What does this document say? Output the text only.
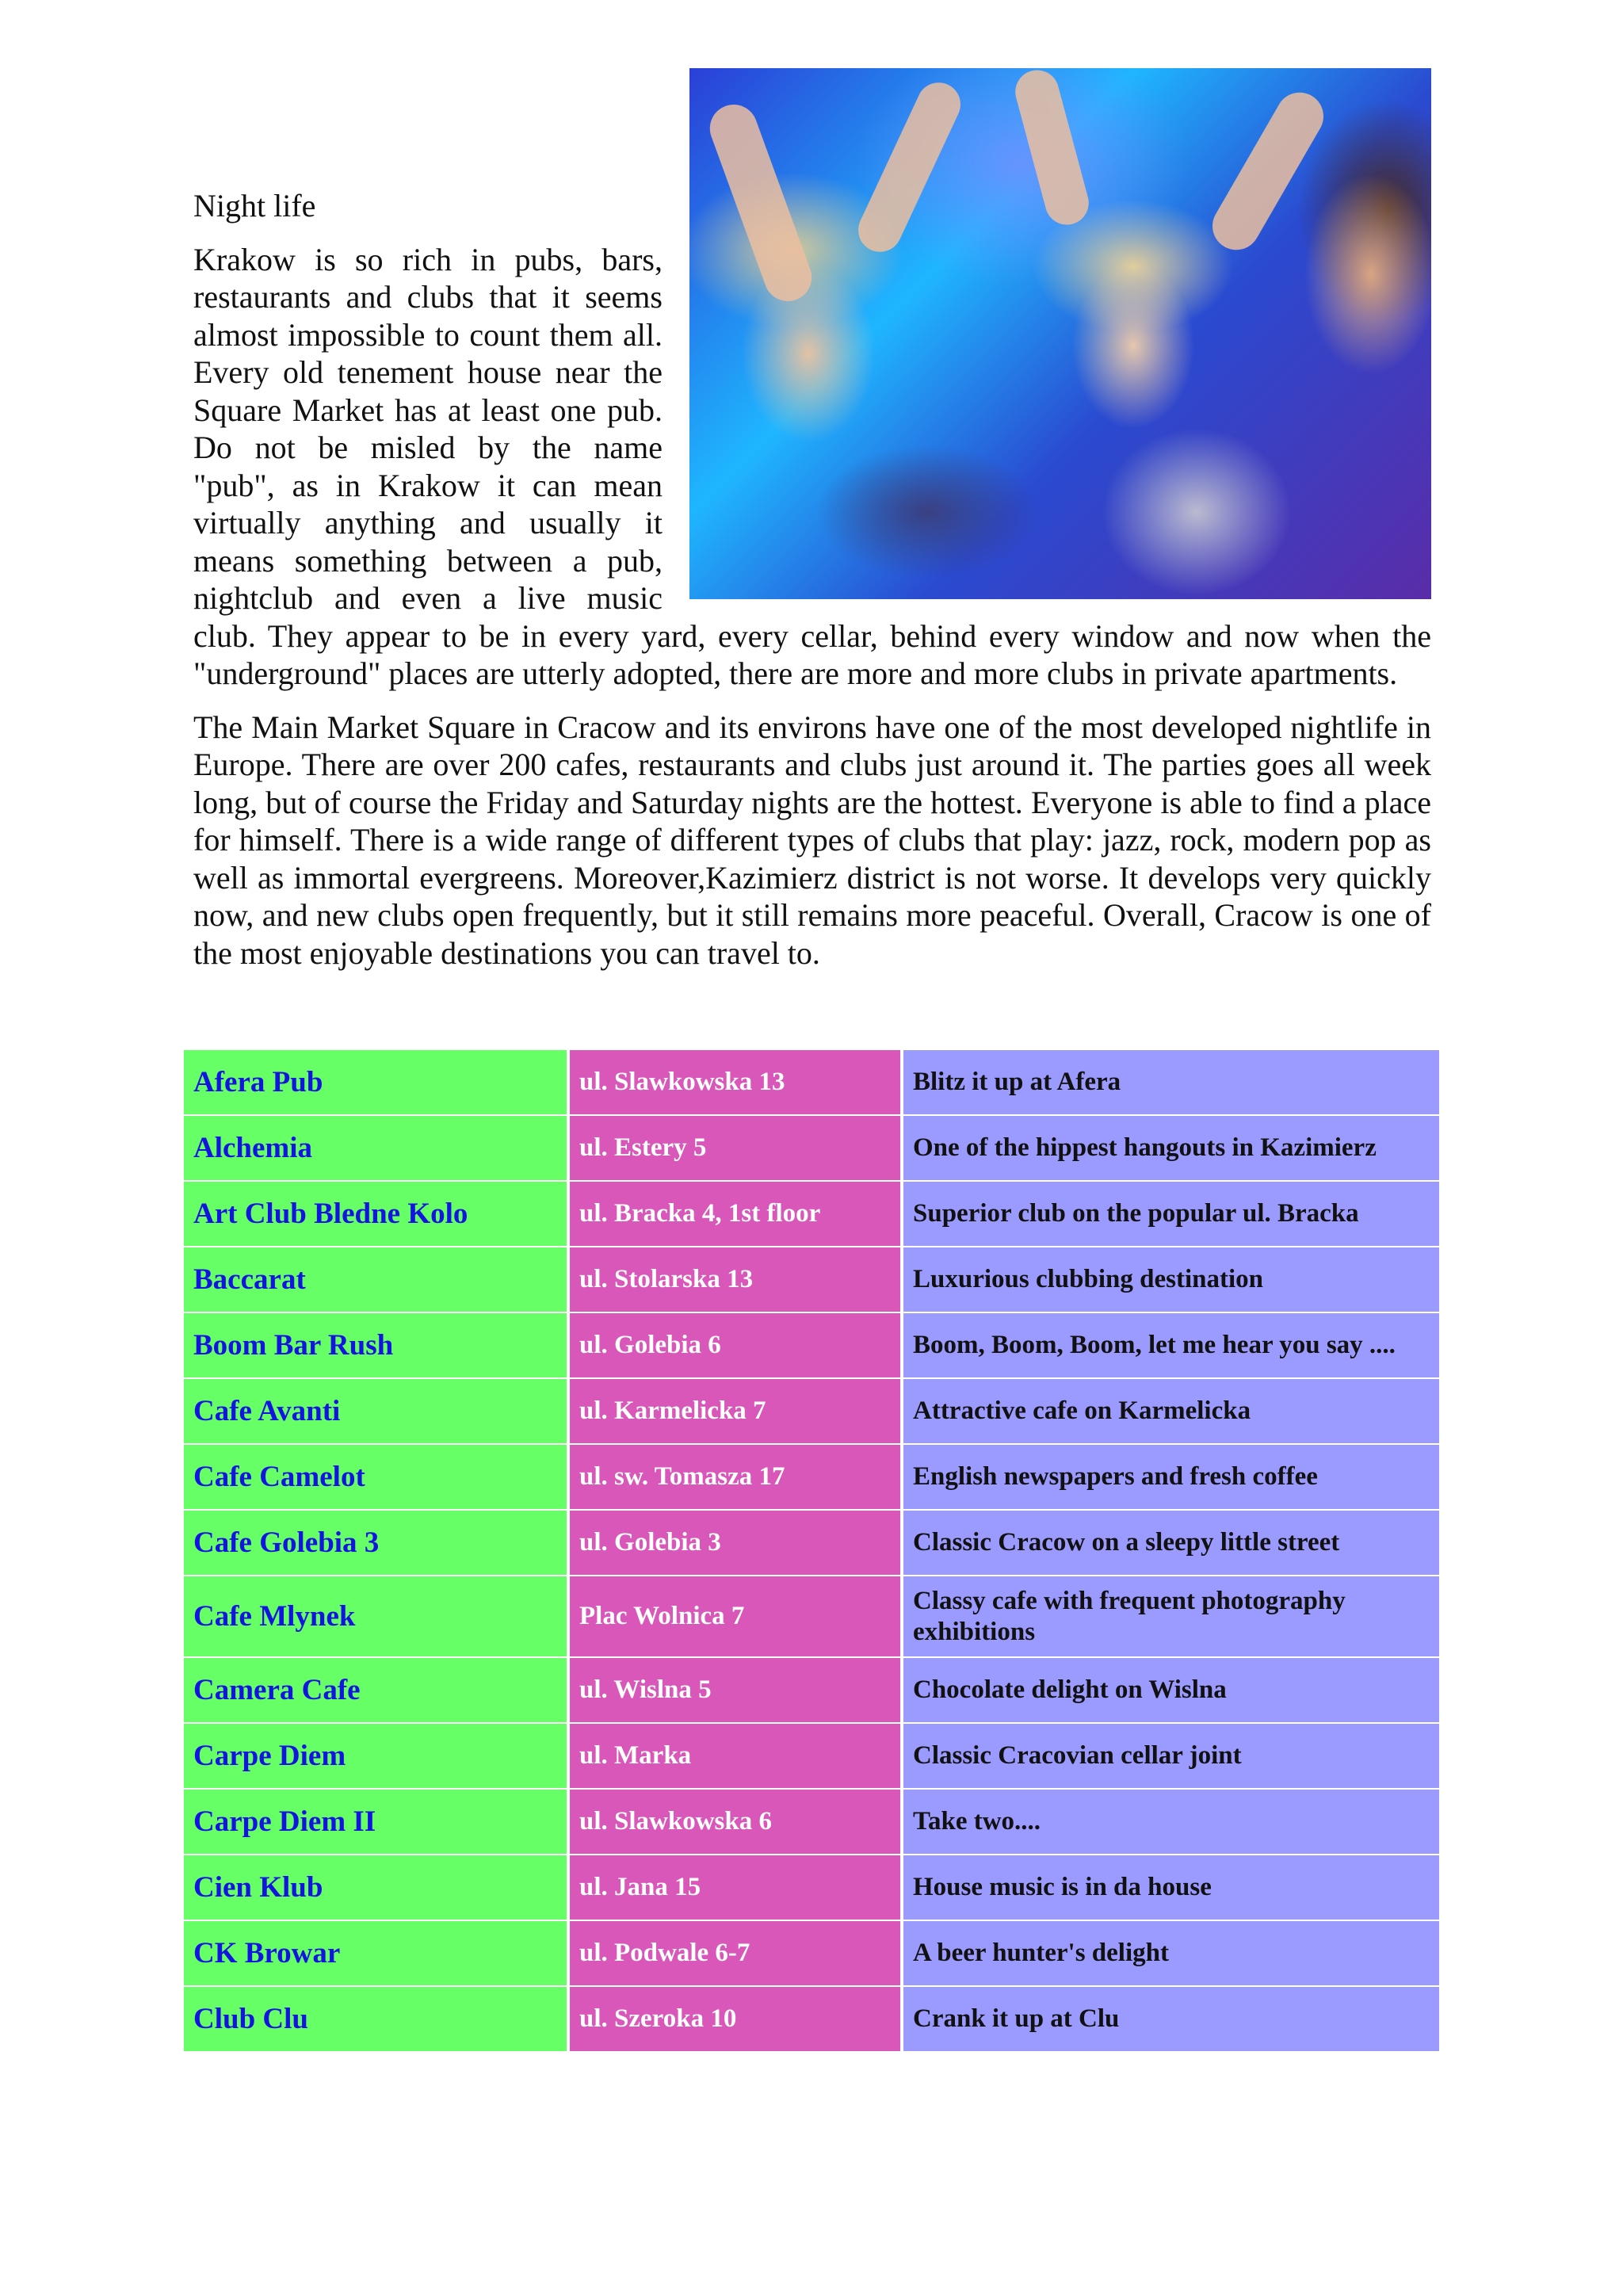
Night life

Krakow is so rich in pubs, bars, restaurants and clubs that it seems almost impossible to count them all. Every old tenement house near the Square Market has at least one pub. Do not be misled by the name "pub", as in Krakow it can mean virtually anything and usually it means something between a pub, nightclub and even a live music club. They appear to be in every yard, every cellar, behind every window and now when the "underground" places are utterly adopted, there are more and more clubs in private apartments.

The Main Market Square in Cracow and its environs have one of the most developed nightlife in Europe. There are over 200 cafes, restaurants and clubs just around it. The parties goes all week long, but of course the Friday and Saturday nights are the hottest. Everyone is able to find a place for himself. There is a wide range of different types of clubs that play: jazz, rock, modern pop as well as immortal evergreens. Moreover,Kazimierz district is not worse. It develops very quickly now, and new clubs open frequently, but it still remains more peaceful. Overall, Cracow is one of the most enjoyable destinations you can travel to.

Afera Pub	ul. Slawkowska 13	Blitz it up at Afera
Alchemia	ul. Estery 5	One of the hippest hangouts in Kazimierz
Art Club Bledne Kolo	ul. Bracka 4, 1st floor	Superior club on the popular ul. Bracka
Baccarat	ul. Stolarska 13	Luxurious clubbing destination
Boom Bar Rush	ul. Golebia 6	Boom, Boom, Boom, let me hear you say ....
Cafe Avanti	ul. Karmelicka 7	Attractive cafe on Karmelicka
Cafe Camelot	ul. sw. Tomasza 17	English newspapers and fresh coffee
Cafe Golebia 3	ul. Golebia 3	Classic Cracow on a sleepy little street
Cafe Mlynek	Plac Wolnica 7	Classy cafe with frequent photography exhibitions
Camera Cafe	ul. Wislna 5	Chocolate delight on Wislna
Carpe Diem	ul. Marka	Classic Cracovian cellar joint
Carpe Diem II	ul. Slawkowska 6	Take two....
Cien Klub	ul. Jana 15	House music is in da house
CK Browar	ul. Podwale 6-7	A beer hunter's delight
Club Clu	ul. Szeroka 10	Crank it up at Clu
